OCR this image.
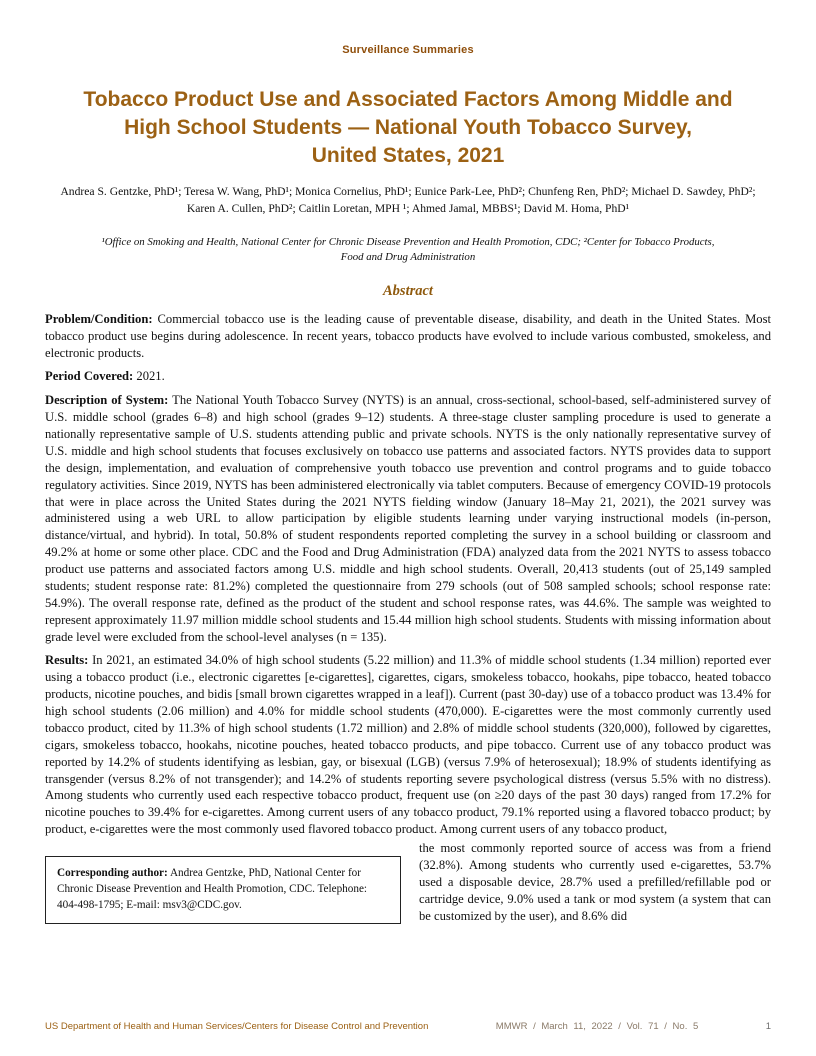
Surveillance Summaries
Tobacco Product Use and Associated Factors Among Middle and
High School Students — National Youth Tobacco Survey,
United States, 2021
Andrea S. Gentzke, PhD¹; Teresa W. Wang, PhD¹; Monica Cornelius, PhD¹; Eunice Park-Lee, PhD²; Chunfeng Ren, PhD²; Michael D. Sawdey, PhD²;
Karen A. Cullen, PhD²; Caitlin Loretan, MPH ¹; Ahmed Jamal, MBBS¹; David M. Homa, PhD¹
¹Office on Smoking and Health, National Center for Chronic Disease Prevention and Health Promotion, CDC; ²Center for Tobacco Products,
Food and Drug Administration
Abstract

Problem/Condition: Commercial tobacco use is the leading cause of preventable disease, disability, and death in the United States. Most tobacco product use begins during adolescence. In recent years, tobacco products have evolved to include various combusted, smokeless, and electronic products.

Period Covered: 2021.

Description of System: The National Youth Tobacco Survey (NYTS) is an annual, cross-sectional, school-based, self-administered survey of U.S. middle school (grades 6–8) and high school (grades 9–12) students. A three-stage cluster sampling procedure is used to generate a nationally representative sample of U.S. students attending public and private schools. NYTS is the only nationally representative survey of U.S. middle and high school students that focuses exclusively on tobacco use patterns and associated factors. NYTS provides data to support the design, implementation, and evaluation of comprehensive youth tobacco use prevention and control programs and to guide tobacco regulatory activities. Since 2019, NYTS has been administered electronically via tablet computers. Because of emergency COVID-19 protocols that were in place across the United States during the 2021 NYTS fielding window (January 18–May 21, 2021), the 2021 survey was administered using a web URL to allow participation by eligible students learning under varying instructional models (in-person, distance/virtual, and hybrid). In total, 50.8% of student respondents reported completing the survey in a school building or classroom and 49.2% at home or some other place. CDC and the Food and Drug Administration (FDA) analyzed data from the 2021 NYTS to assess tobacco product use patterns and associated factors among U.S. middle and high school students. Overall, 20,413 students (out of 25,149 sampled students; student response rate: 81.2%) completed the questionnaire from 279 schools (out of 508 sampled schools; school response rate: 54.9%). The overall response rate, defined as the product of the student and school response rates, was 44.6%. The sample was weighted to represent approximately 11.97 million middle school students and 15.44 million high school students. Students with missing information about grade level were excluded from the school-level analyses (n = 135).

Results: In 2021, an estimated 34.0% of high school students (5.22 million) and 11.3% of middle school students (1.34 million) reported ever using a tobacco product (i.e., electronic cigarettes [e-cigarettes], cigarettes, cigars, smokeless tobacco, hookahs, pipe tobacco, heated tobacco products, nicotine pouches, and bidis [small brown cigarettes wrapped in a leaf]). Current (past 30-day) use of a tobacco product was 13.4% for high school students (2.06 million) and 4.0% for middle school students (470,000). E-cigarettes were the most commonly currently used tobacco product, cited by 11.3% of high school students (1.72 million) and 2.8% of middle school students (320,000), followed by cigarettes, cigars, smokeless tobacco, hookahs, nicotine pouches, heated tobacco products, and pipe tobacco. Current use of any tobacco product was reported by 14.2% of students identifying as lesbian, gay, or bisexual (LGB) (versus 7.9% of heterosexual); 18.9% of students identifying as transgender (versus 8.2% of not transgender); and 14.2% of students reporting severe psychological distress (versus 5.5% with no distress). Among students who currently used each respective tobacco product, frequent use (on ≥20 days of the past 30 days) ranged from 17.2% for nicotine pouches to 39.4% for e-cigarettes. Among current users of any tobacco product, 79.1% reported using a flavored tobacco product; by product, e-cigarettes were the most commonly used flavored tobacco product. Among current users of any tobacco product,

Corresponding author: Andrea Gentzke, PhD, National Center for Chronic Disease Prevention and Health Promotion, CDC. Telephone: 404-498-1795; E-mail: msv3@CDC.gov.

the most commonly reported source of access was from a friend (32.8%). Among students who currently used e-cigarettes, 53.7% used a disposable device, 28.7% used a prefilled/refillable pod or cartridge device, 9.0% used a tank or mod system (a system that can be customized by the user), and 8.6% did

US Department of Health and Human Services/Centers for Disease Control and Prevention	MMWR / March 11, 2022 / Vol. 71 / No. 5	1
